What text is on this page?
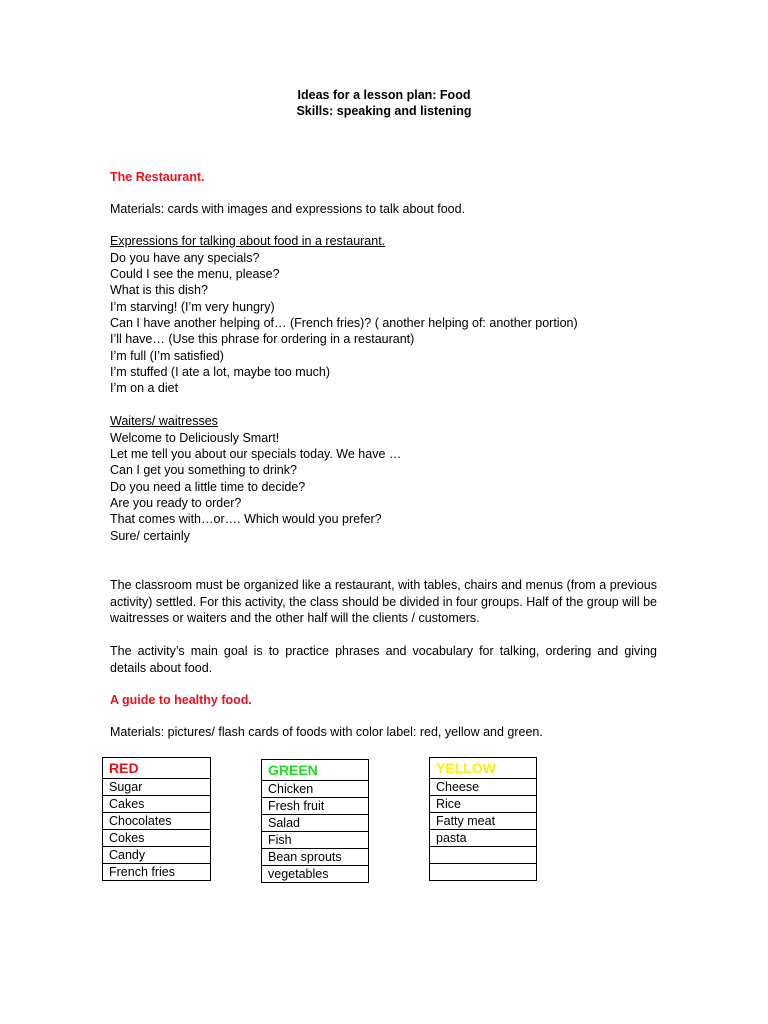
Ideas for a lesson plan: Food
Skills: speaking and listening
The Restaurant.
Materials: cards with images and expressions to talk about food.
Expressions for talking about food in a restaurant.
Do you have any specials?
Could I see the menu, please?
What is this dish?
I’m starving! (I’m very hungry)
Can I have another helping of… (French fries)? ( another helping of: another portion)
I’ll have… (Use this phrase for ordering in a restaurant)
I’m full (I’m satisfied)
I’m stuffed (I ate a lot, maybe too much)
I’m on a diet
Waiters/ waitresses
Welcome to Deliciously Smart!
Let me tell you about our specials today. We have …
Can I get you something to drink?
Do you need a little time to decide?
Are you ready to order?
That comes with…or…. Which would you prefer?
Sure/ certainly
The classroom must be organized like a restaurant, with tables, chairs and menus (from a previous activity) settled. For this activity, the class should be divided in four groups. Half of the group will be waitresses or waiters and the other half will the clients / customers.
The activity’s main goal is to practice phrases and vocabulary for talking, ordering and giving details about food.
A guide to healthy food.
Materials: pictures/ flash cards of foods with color label: red, yellow and green.
RED
Sugar
Cakes
Chocolates
Cokes
Candy
French fries
GREEN
Chicken
Fresh fruit
Salad
Fish
Bean sprouts
vegetables
YELLOW
Cheese
Rice
Fatty meat
pasta
